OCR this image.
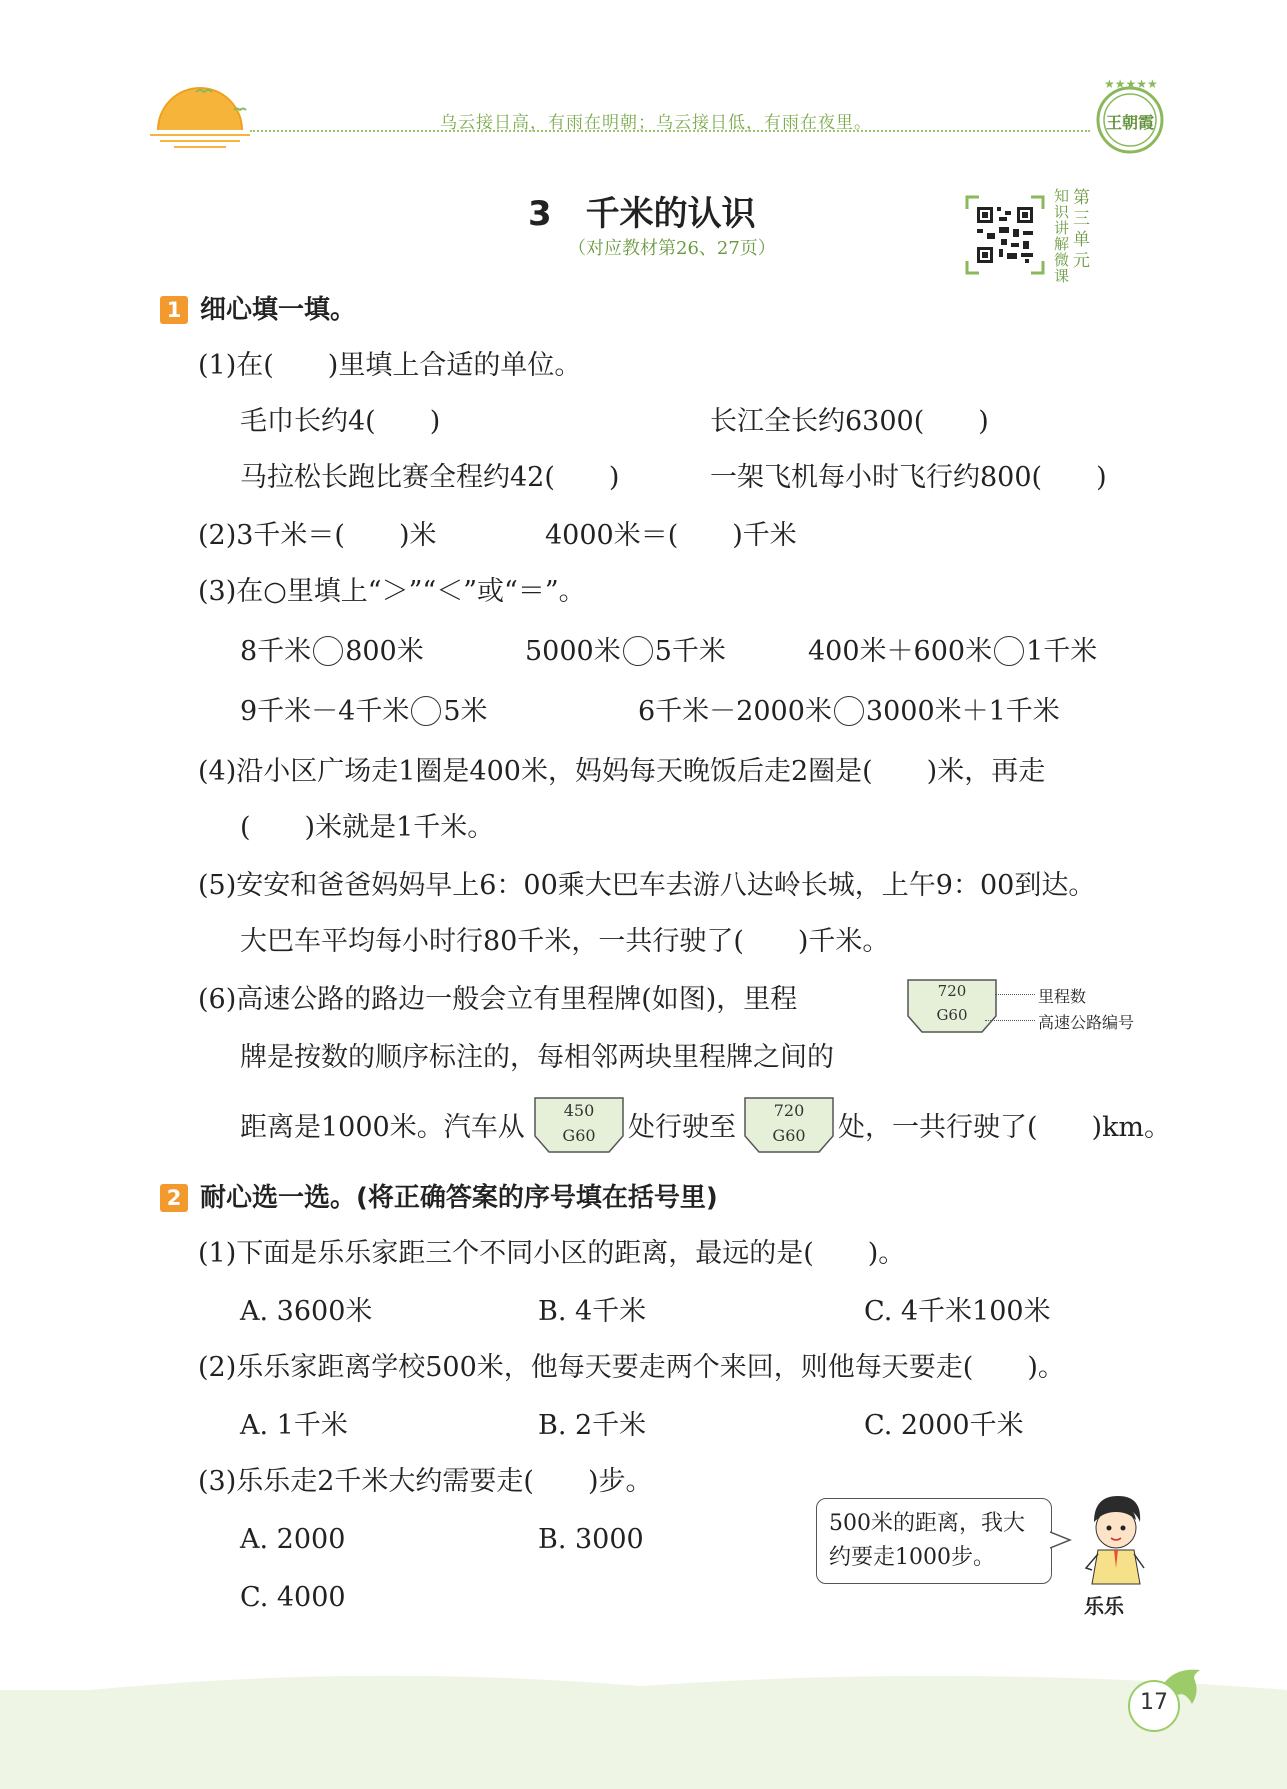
乌云接日高，有雨在明朝；乌云接日低，有雨在夜里。
★★★★★
王朝霞
3 千米的认识
（对应教材第26、27页）
知识讲解微课
第三单元
1 细心填一填。
(1)在(　　)里填上合适的单位。
毛巾长约4(　　)	长江全长约6300(　　)
马拉松长跑比赛全程约42(　　)	一架飞机每小时飞行约800(　　)
(2)3千米＝(　　)米	4000米＝(　　)千米
(3)在○里填上“＞”“＜”或“＝”。
8千米 800米	5000米 5千米	400米＋600米 1千米
9千米－4千米 5米	6千米－2000米 3000米＋1千米
(4)沿小区广场走1圈是400米，妈妈每天晚饭后走2圈是(　　)米，再走
(　　)米就是1千米。
(5)安安和爸爸妈妈早上6：00乘大巴车去游八达岭长城，上午9：00到达。
大巴车平均每小时行80千米，一共行驶了(　　)千米。
(6)高速公路的路边一般会立有里程牌(如图)，里程
牌是按数的顺序标注的，每相邻两块里程牌之间的
720
G60
里程数
高速公路编号
距离是1000米。汽车从
450
G60	处行驶至
720
G60	处，一共行驶了(　　)km。
2 耐心选一选。(将正确答案的序号填在括号里)
(1)下面是乐乐家距三个不同小区的距离，最远的是(　　)。
A. 3600米	B. 4千米	C. 4千米100米
(2)乐乐家距离学校500米，他每天要走两个来回，则他每天要走(　　)。
A. 1千米	B. 2千米	C. 2000千米
(3)乐乐走2千米大约需要走(　　)步。
A. 2000	B. 3000
C. 4000
500米的距离，我大
约要走1000步。
乐乐
17
